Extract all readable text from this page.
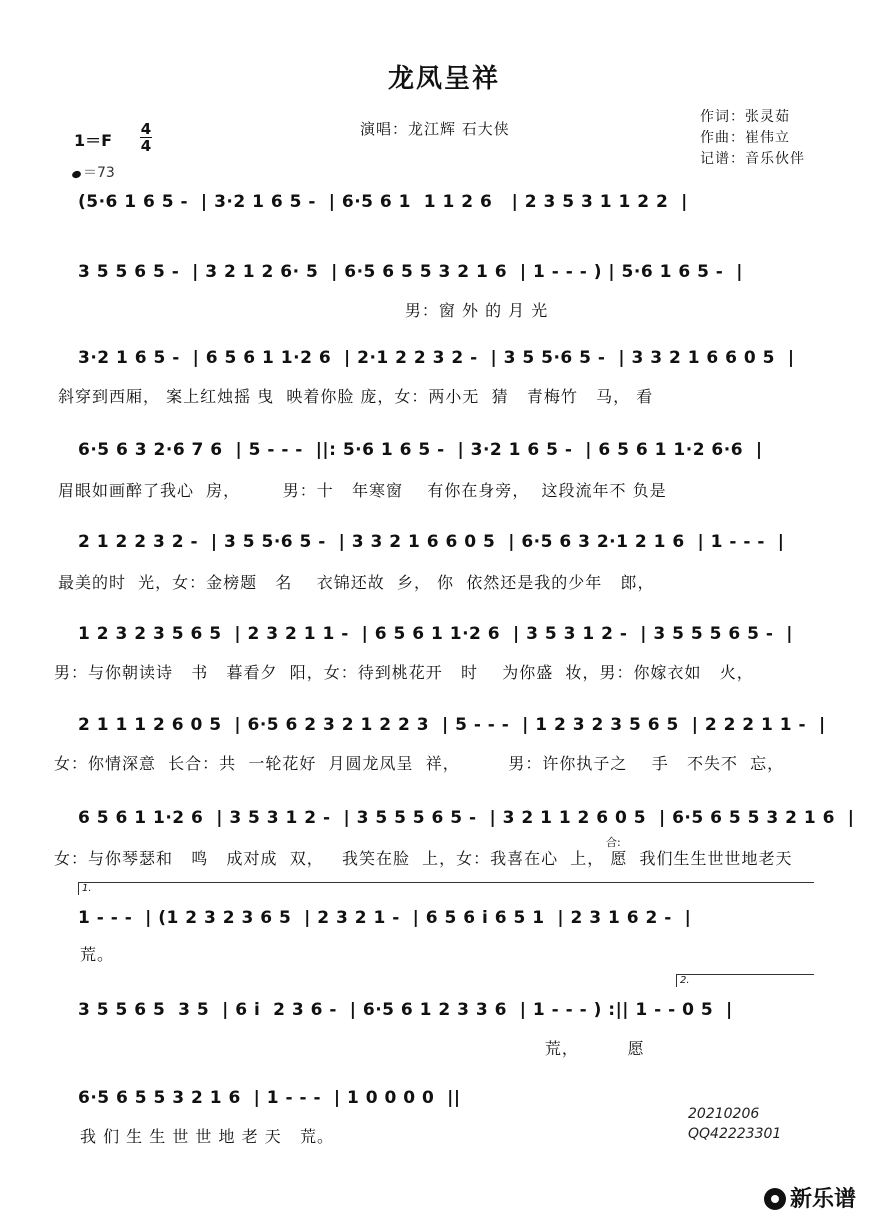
龙凤呈祥
演唱：龙江辉 石大侠
作词：张灵茹
作曲：崔伟立
记谱：音乐伙伴
1＝F
4
4
＝73
(5·6 1 6 5 -  | 3·2 1 6 5 -  | 6·5 6 1  1 1 2 6   | 2 3 5 3 1 1 2 2  |
3 5 5 6 5 -  | 3 2 1 2 6· 5  | 6·5 6 5 5 3 2 1 6  | 1 - - - ) | 5·6 1 6 5 -  |
男：窗 外 的 月 光
3·2 1 6 5 -  | 6 5 6 1 1·2 6  | 2·1 2 2 3 2 -  | 3 5 5·6 5 -  | 3 3 2 1 6 6 0 5  |
斜穿到西厢， 案上红烛摇 曳  映着你脸 庞，女：两小无  猜   青梅竹   马， 看
6·5 6 3 2·6 7 6  | 5 - - -  ||: 5·6 1 6 5 -  | 3·2 1 6 5 -  | 6 5 6 1 1·2 6·6  |
眉眼如画醉了我心  房，       男：十   年寒窗    有你在身旁，  这段流年不 负是
2 1 2 2 3 2 -  | 3 5 5·6 5 -  | 3 3 2 1 6 6 0 5  | 6·5 6 3 2·1 2 1 6  | 1 - - -  |
最美的时  光，女：金榜题   名    衣锦还故  乡， 你  依然还是我的少年   郎，
1 2 3 2 3 5 6 5  | 2 3 2 1 1 -  | 6 5 6 1 1·2 6  | 3 5 3 1 2 -  | 3 5 5 5 6 5 -  |
男：与你朝读诗   书   暮看夕  阳，女：待到桃花开   时    为你盛  妆，男：你嫁衣如   火，
2 1 1 1 2 6 0 5  | 6·5 6 2 3 2 1 2 2 3  | 5 - - -  | 1 2 3 2 3 5 6 5  | 2 2 2 1 1 -  |
女：你情深意  长合：共  一轮花好  月圆龙凤呈  祥，        男：许你执子之    手   不失不  忘，
6 5 6 1 1·2 6  | 3 5 3 1 2 -  | 3 5 5 5 6 5 -  | 3 2 1 1 2 6 0 5  | 6·5 6 5 5 3 2 1 6  |
女：与你琴瑟和   鸣   成对成  双，   我笑在脸  上，女：我喜在心  上， 愿  我们生生世世地老天
合:
1.
1 - - -  | (1 2 3 2 3 6 5  | 2 3 2 1 -  | 6 5 6 i 6 5 1  | 2 3 1 6 2 -  |
荒。
2.
3 5 5 6 5  3 5  | 6 i  2 3 6 -  | 6·5 6 1 2 3 3 6  | 1 - - - ) :|| 1 - - 0 5  |
荒，        愿
6·5 6 5 5 3 2 1 6  | 1 - - -  | 1 0 0 0 0  ||
我 们 生 生 世 世 地 老 天   荒。
20210206
QQ42223301
新乐谱
